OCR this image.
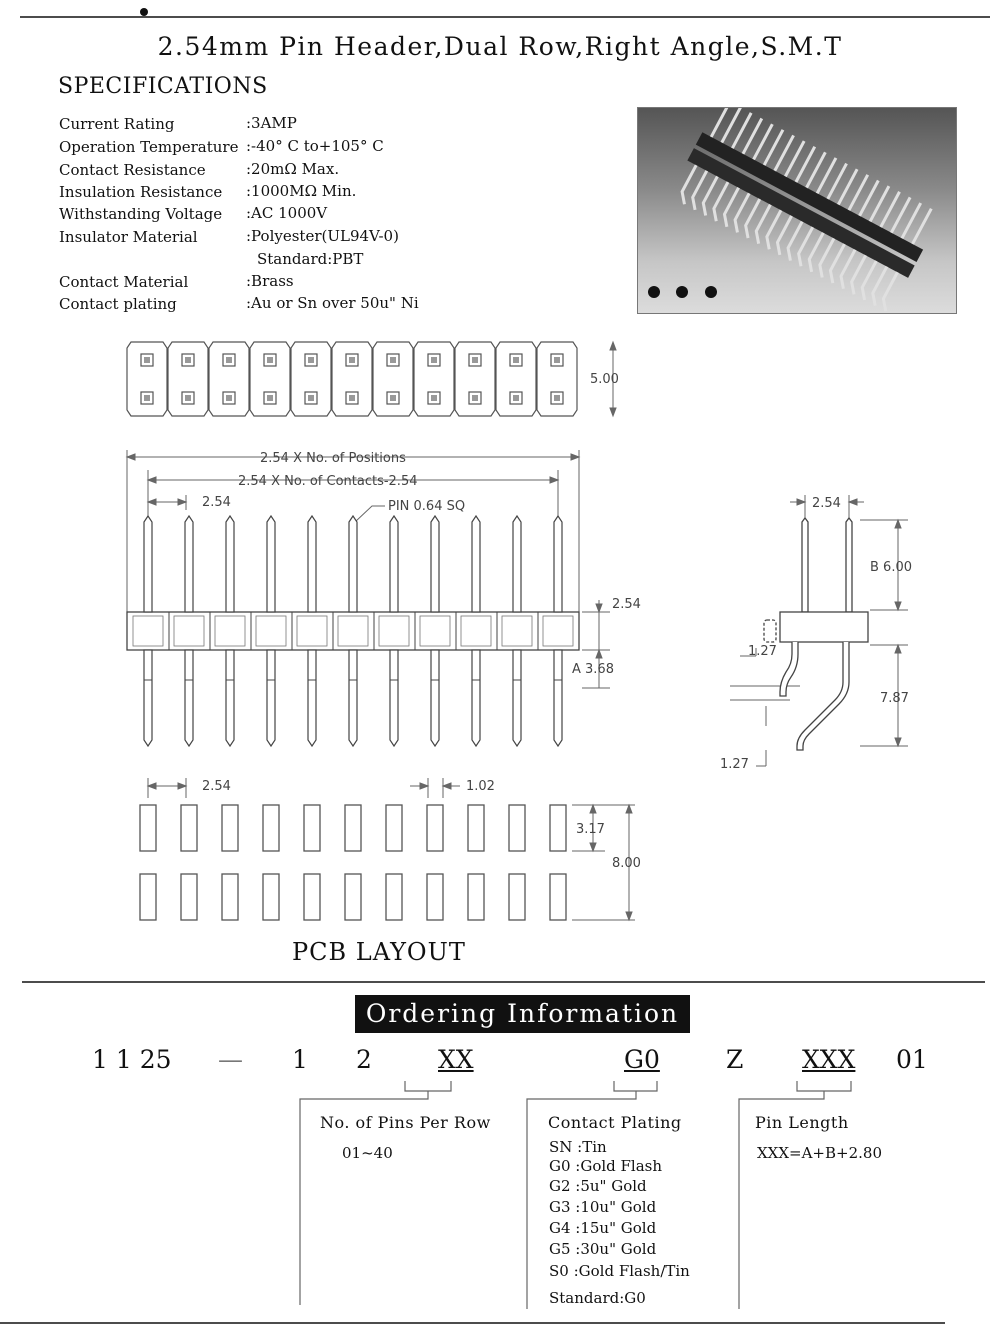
2.54mm Pin Header,Dual Row,Right Angle,S.M.T
SPECIFICATIONS
Current Rating	:3AMP
Operation Temperature :-40° C to+105° C
Contact Resistance	:20mΩ Max.
Insulation Resistance :1000MΩ Min.
Withstanding Voltage :AC 1000V
Insulator Material	:Polyester(UL94V-0)
Standard:PBT
Contact Material	:Brass
Contact plating	:Au or Sn over 50u" Ni
5.00
2.54 X No. of Positions
2.54 X No. of Contacts-2.54
2.54	PIN 0.64 SQ
2.54
A 3.68
2.54
B 6.00
1.27
7.87
1.27
2.54	1.02
3.17
8.00
PCB LAYOUT
Ordering Information
1 1 25 — 1 2	XX	G0	Z XXX 01
No. of Pins Per Row
01~40
Contact Plating
SN :Tin
G0 :Gold Flash
G2 :5u" Gold
G3 :10u" Gold
G4 :15u" Gold
G5 :30u" Gold
S0 :Gold Flash/Tin
Standard:G0
Pin Length
XXX=A+B+2.80
